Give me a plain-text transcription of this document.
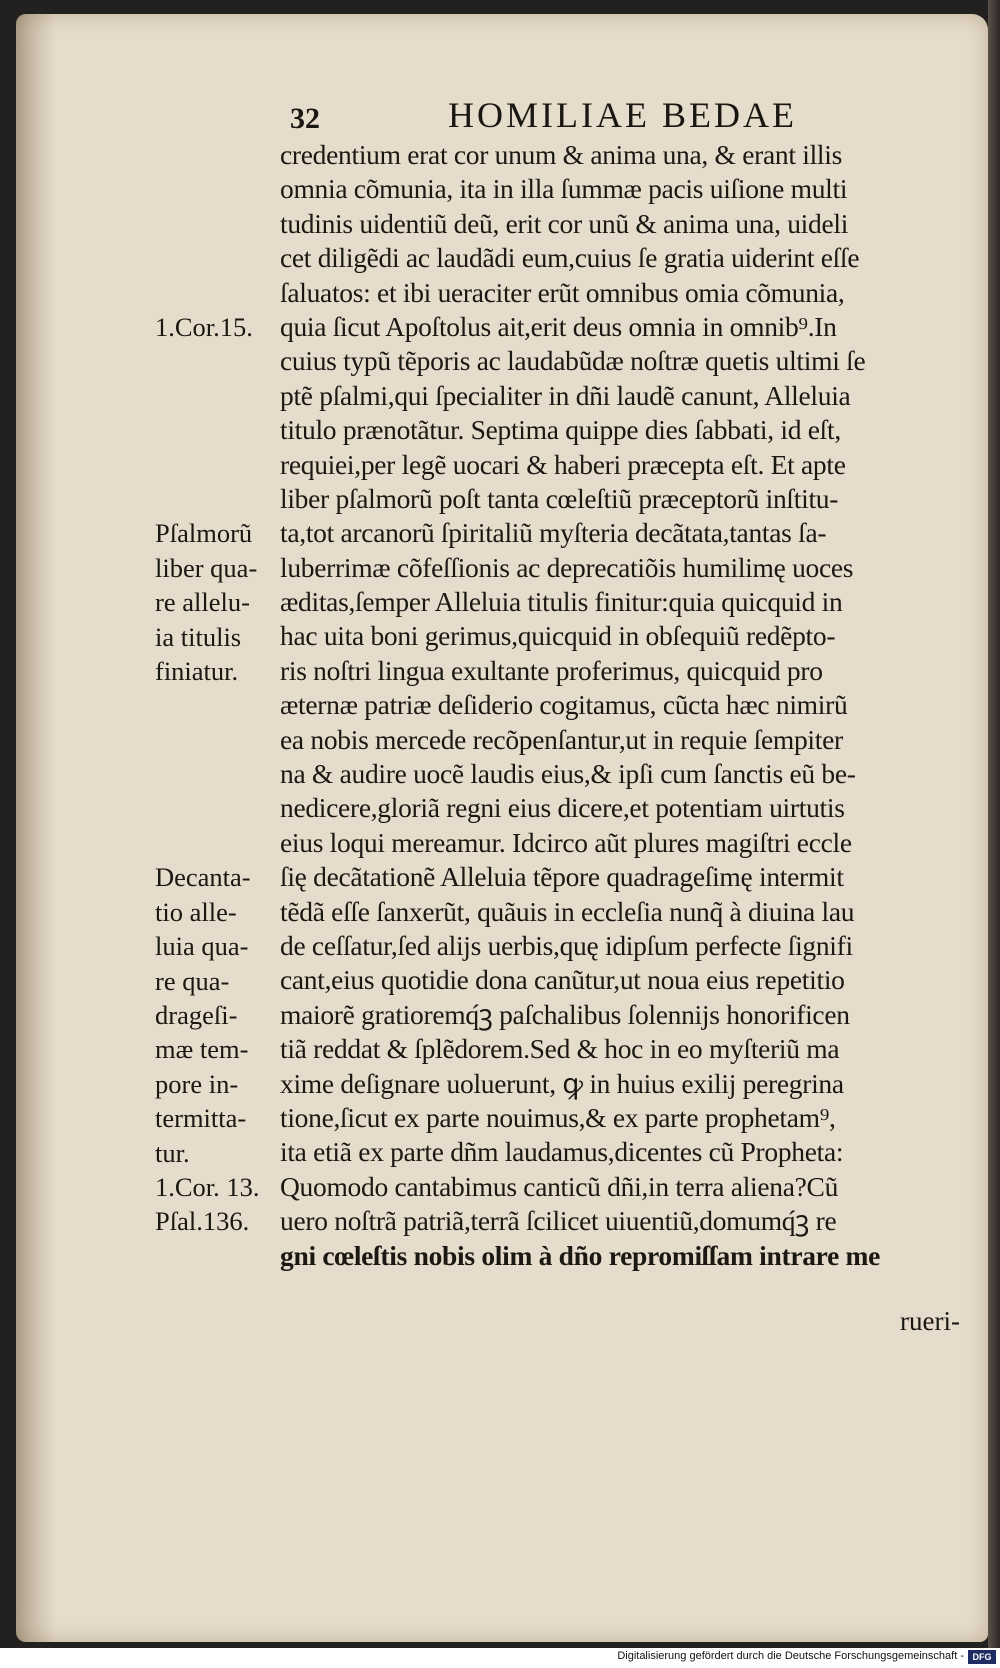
32	HOMILIAE BEDAE
credentium erat cor unum & anima una, & erant illis
omnia cõmunia, ita in illa ſummæ pacis uiſione multi
tudinis uidentiũ deũ, erit cor unũ & anima una, uideli
cet diligẽdi ac laudãdi eum,cuius ſe gratia uiderint eſſe
ſaluatos: et ibi ueraciter erũt omnibus omia cõmunia,
quia ſicut Apoſtolus ait,erit deus omnia in omnib⁹.In
cuius typũ tẽporis ac laudabũdæ noſtræ quetis ultimi ſe
ptẽ pſalmi,qui ſpecialiter in dñi laudẽ canunt, Alleluia
titulo prænotãtur. Septima quippe dies ſabbati, id eſt,
requiei,per legẽ uocari & haberi præcepta eſt. Et apte
liber pſalmorũ poſt tanta cœleſtiũ præceptorũ inſtitu-
ta,tot arcanorũ ſpiritaliũ myſteria decãtata,tantas ſa-
luberrimæ cõfeſſionis ac deprecatiõis humilimę uoces
æditas,ſemper Alleluia titulis finitur:quia quicquid in
hac uita boni gerimus,quicquid in obſequiũ redẽpto-
ris noſtri lingua exultante proferimus, quicquid pro
æternæ patriæ deſiderio cogitamus, cũcta hæc nimirũ
ea nobis mercede recõpenſantur,ut in requie ſempiter
na & audire uocẽ laudis eius,& ipſi cum ſanctis eũ be-
nedicere,gloriã regni eius dicere,et potentiam uirtutis
eius loqui mereamur. Idcirco aũt plures magiſtri eccle
ſię decãtationẽ Alleluia tẽpore quadrageſimę intermit
tẽdã eſſe ſanxerũt, quãuis in eccleſia nunq̃ à diuina lau
de ceſſatur,ſed alijs uerbis,quę idipſum perfecte ſignifi
cant,eius quotidie dona canũtur,ut noua eius repetitio
maiorẽ gratioremq́ꝫ paſchalibus ſolennijs honorificen
tiã reddat & ſplẽdorem.Sed & hoc in eo myſteriũ ma
xime deſignare uoluerunt, ꝙ in huius exilij peregrina
tione,ſicut ex parte nouimus,& ex parte prophetam⁹,
ita etiã ex parte dñm laudamus,dicentes cũ Propheta:
Quomodo cantabimus canticũ dñi,in terra aliena?Cũ
uero noſtrã patriã,terrã ſcilicet uiuentiũ,domumq́ꝫ re
gni cœleſtis nobis olim à dño repromiſſam intrare me
1.Cor.15.
Pſalmorũ
liber qua-
re allelu-
ia titulis
finiatur.
Decanta-
tio alle-
luia qua-
re qua-
drageſi-
mæ tem-
pore in-
termitta-
tur.
1.Cor. 13.
Pſal.136.
rueri-
Digitalisierung gefördert durch die Deutsche Forschungsgemeinschaft - DFG
